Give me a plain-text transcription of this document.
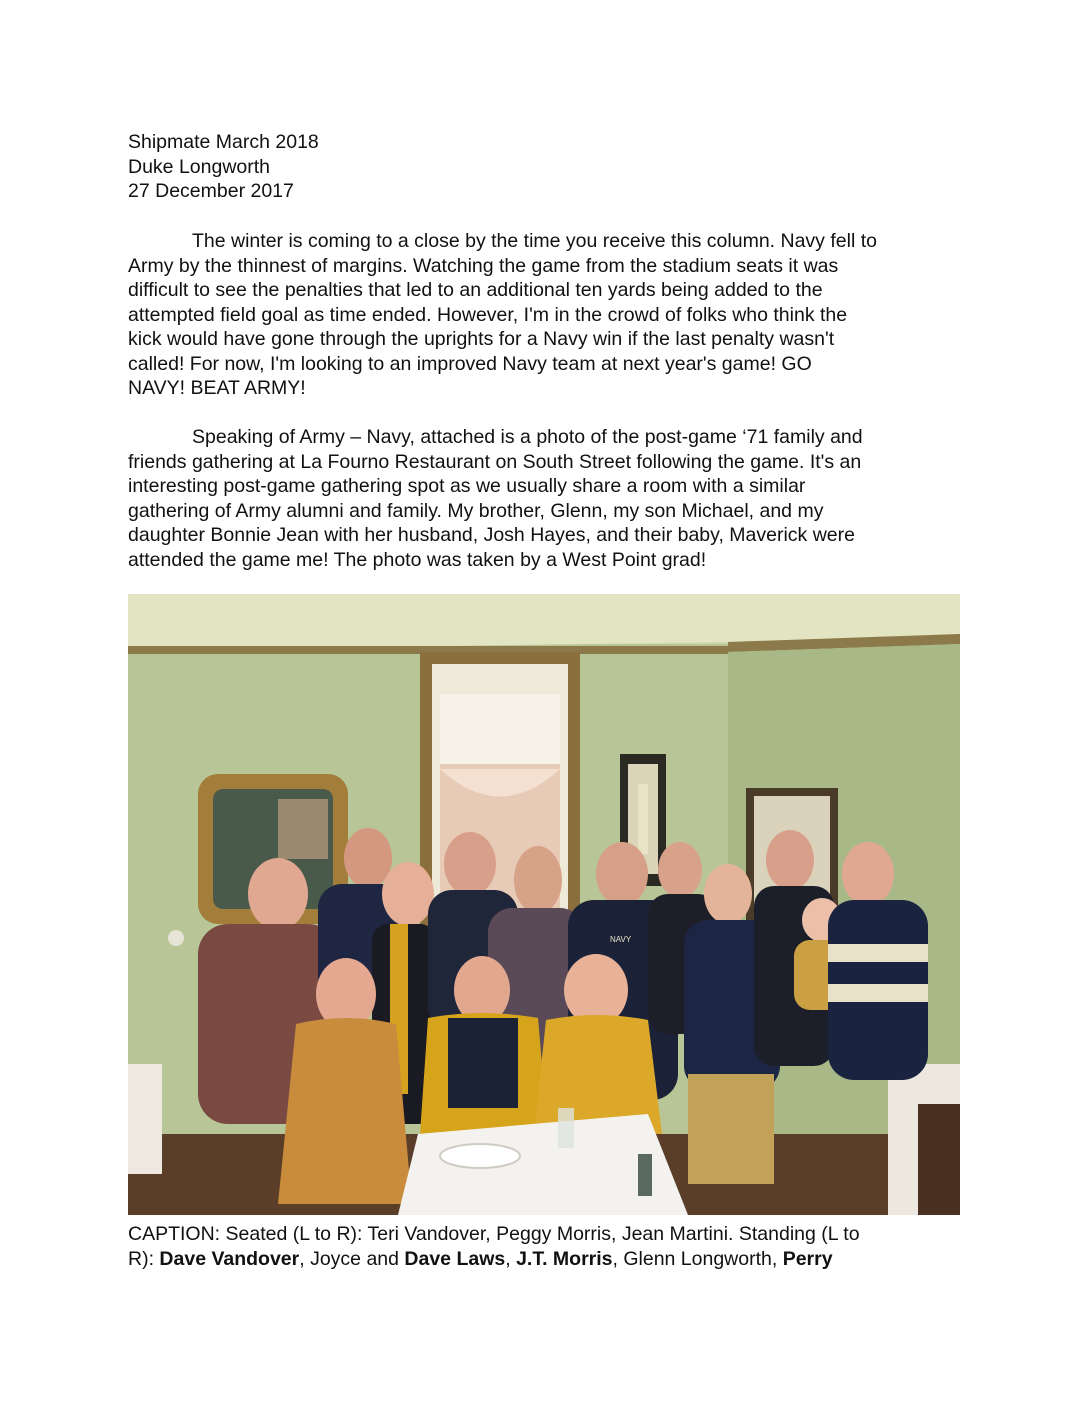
Shipmate March 2018
Duke Longworth
27 December 2017
The winter is coming to a close by the time you receive this column. Navy fell to
Army by the thinnest of margins. Watching the game from the stadium seats it was
difficult to see the penalties that led to an additional ten yards being added to the
attempted field goal as time ended. However, I'm in the crowd of folks who think the
kick would have gone through the uprights for a Navy win if the last penalty wasn't
called! For now, I'm looking to an improved Navy team at next year's game! GO
NAVY! BEAT ARMY!
Speaking of Army – Navy, attached is a photo of the post-game ‘71 family and
friends gathering at La Fourno Restaurant on South Street following the game. It's an
interesting post-game gathering spot as we usually share a room with a similar
gathering of Army alumni and family. My brother, Glenn, my son Michael, and my
daughter Bonnie Jean with her husband, Josh Hayes, and their baby, Maverick were
attended the game me! The photo was taken by a West Point grad!
NAVY
CAPTION: Seated (L to R): Teri Vandover, Peggy Morris, Jean Martini. Standing (L to
R): Dave Vandover, Joyce and Dave Laws, J.T. Morris, Glenn Longworth, Perry
